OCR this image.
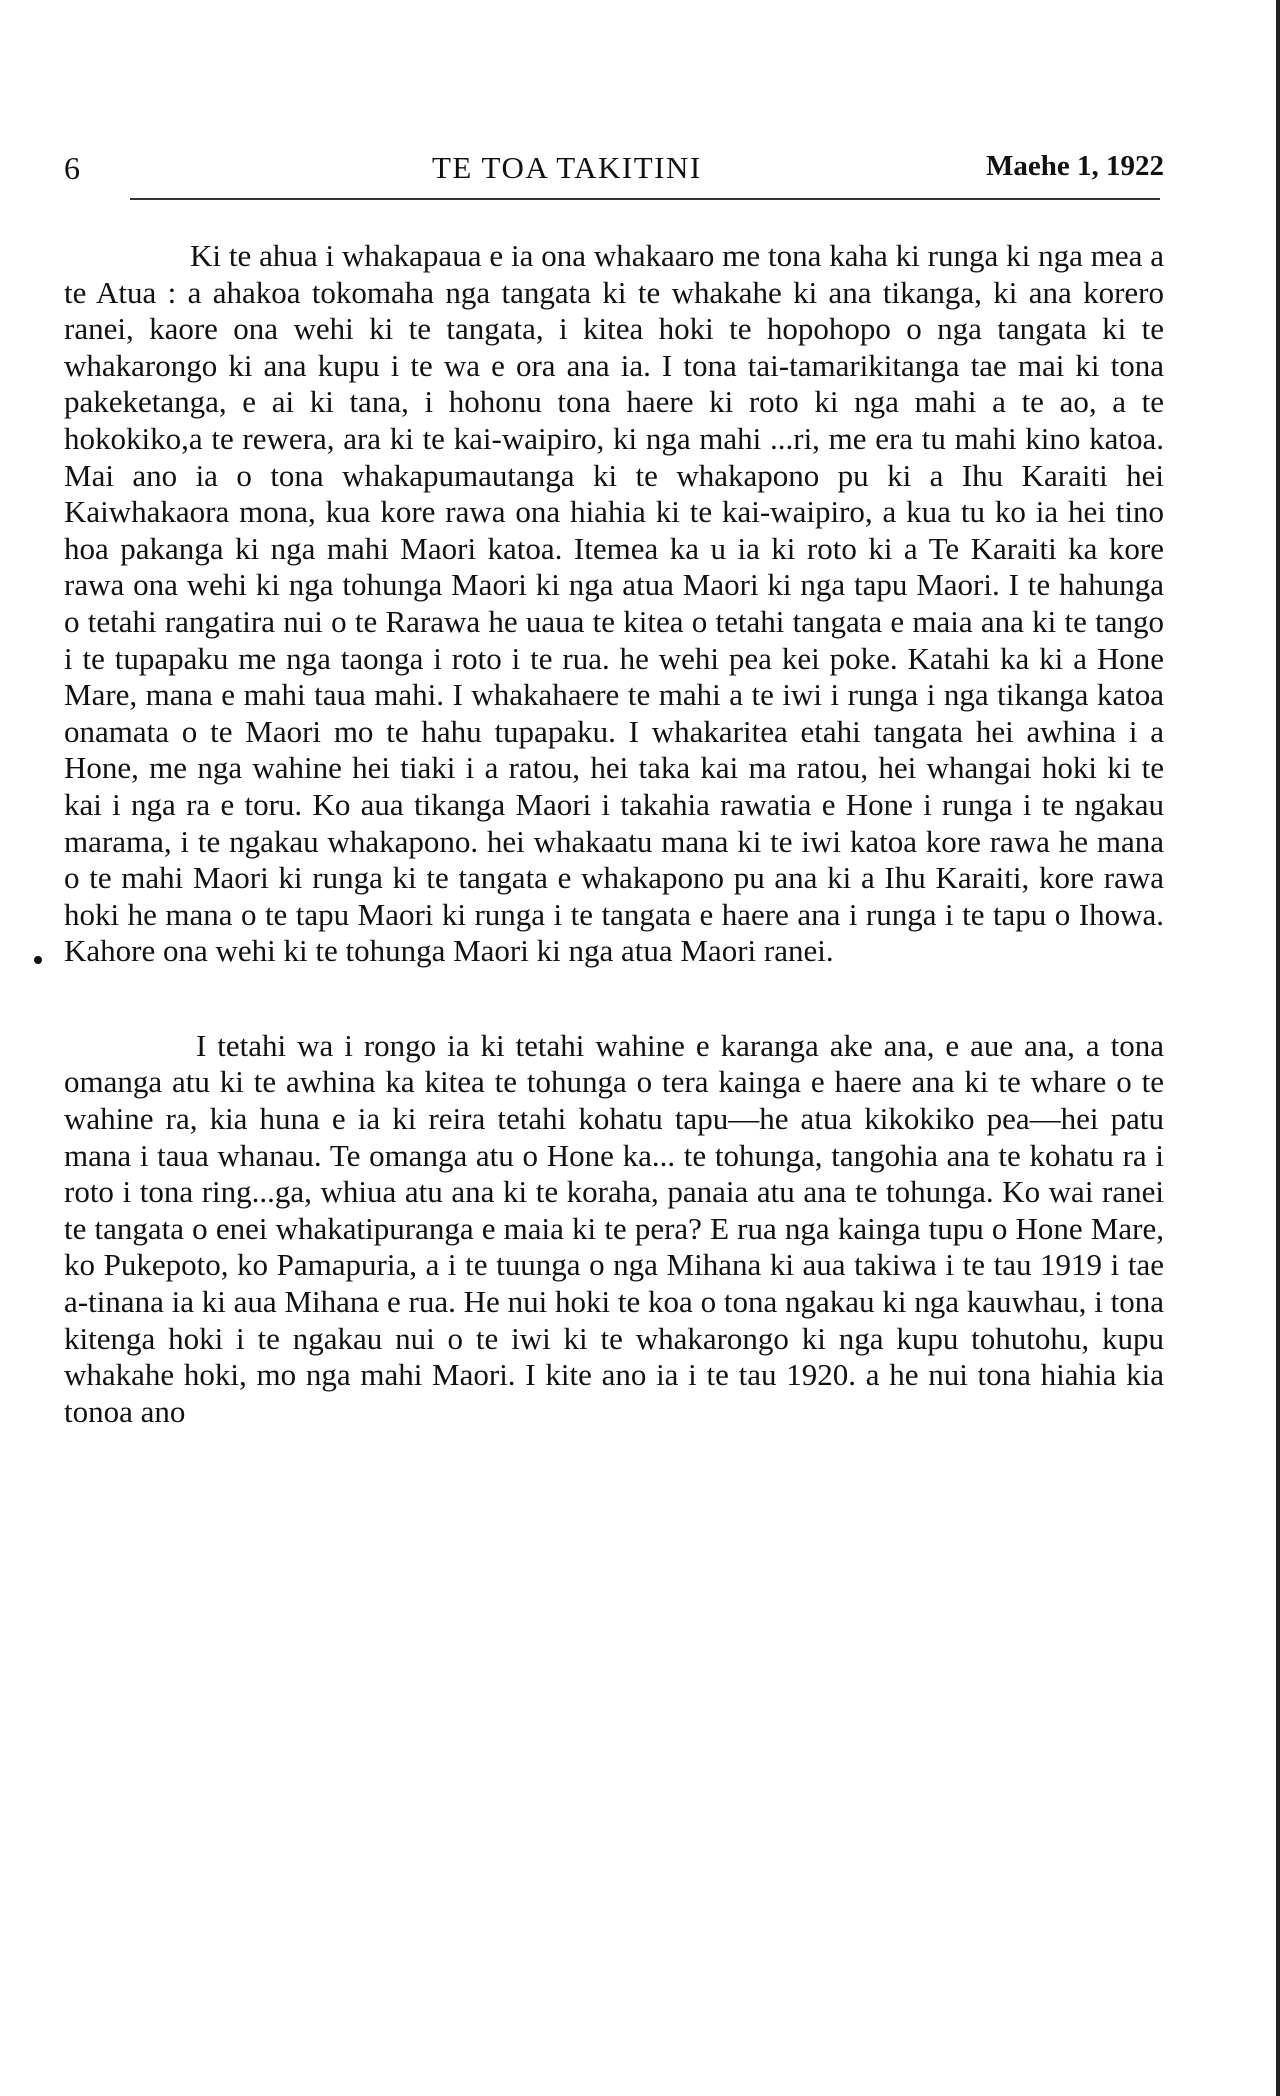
6	TE TOA TAKITINI	Maehe 1, 1922

Ki te ahua i whakapaua e ia ona whakaaro me tona kaha ki runga ki nga mea a te Atua : a ahakoa tokomaha nga tangata ki te whakahe ki ana tikanga, ki ana korero ranei, kaore ona wehi ki te tangata, i kitea hoki te hopohopo o nga tangata ki te whakarongo ki ana kupu i te wa e ora ana ia. I tona tai-tamarikitanga tae mai ki tona pakeketanga, e ai ki tana, i hohonu tona haere ki roto ki nga mahi a te ao, a te hokokiko,a te rewera, ara ki te kai-waipiro, ki nga mahi ...ri, me era tu mahi kino katoa. Mai ano ia o tona whakapumautanga ki te whakapono pu ki a Ihu Karaiti hei Kaiwhakaora mona, kua kore rawa ona hiahia ki te kai-waipiro, a kua tu ko ia hei tino hoa pakanga ki nga mahi Maori katoa. Itemea ka u ia ki roto ki a Te Karaiti ka kore rawa ona wehi ki nga tohunga Maori ki nga atua Maori ki nga tapu Maori. I te hahunga o tetahi rangatira nui o te Rarawa he uaua te kitea o tetahi tangata e maia ana ki te tango i te tupapaku me nga taonga i roto i te rua. he wehi pea kei poke. Katahi ka ki a Hone Mare, mana e mahi taua mahi. I whakahaere te mahi a te iwi i runga i nga tikanga katoa onamata o te Maori mo te hahu tupapaku. I whakaritea etahi tangata hei awhina i a Hone, me nga wahine hei tiaki i a ratou, hei taka kai ma ratou, hei whangai hoki ki te kai i nga ra e toru. Ko aua tikanga Maori i takahia rawatia e Hone i runga i te ngakau marama, i te ngakau whakapono. hei whakaatu mana ki te iwi katoa kore rawa he mana o te mahi Maori ki runga ki te tangata e whakapono pu ana ki a Ihu Karaiti, kore rawa hoki he mana o te tapu Maori ki runga i te tangata e haere ana i runga i te tapu o Ihowa. Kahore ona wehi ki te tohunga Maori ki nga atua Maori ranei.

I tetahi wa i rongo ia ki tetahi wahine e karanga ake ana, e aue ana, a tona omanga atu ki te awhina ka kitea te tohunga o tera kainga e haere ana ki te whare o te wahine ra, kia huna e ia ki reira tetahi kohatu tapu—he atua kikokiko pea—hei patu mana i taua whanau. Te omanga atu o Hone ka... te tohunga, tangohia ana te kohatu ra i roto i tona ring...ga, whiua atu ana ki te koraha, panaia atu ana te tohunga. Ko wai ranei te tangata o enei whakatipuranga e maia ki te pera? E rua nga kainga tupu o Hone Mare, ko Pukepoto, ko Pamapuria, a i te tuunga o nga Mihana ki aua takiwa i te tau 1919 i tae a-tinana ia ki aua Mihana e rua. He nui hoki te koa o tona ngakau ki nga kauwhau, i tona kitenga hoki i te ngakau nui o te iwi ki te whakarongo ki nga kupu tohutohu, kupu whakahe hoki, mo nga mahi Maori. I kite ano ia i te tau 1920. a he nui tona hiahia kia tonoa ano
